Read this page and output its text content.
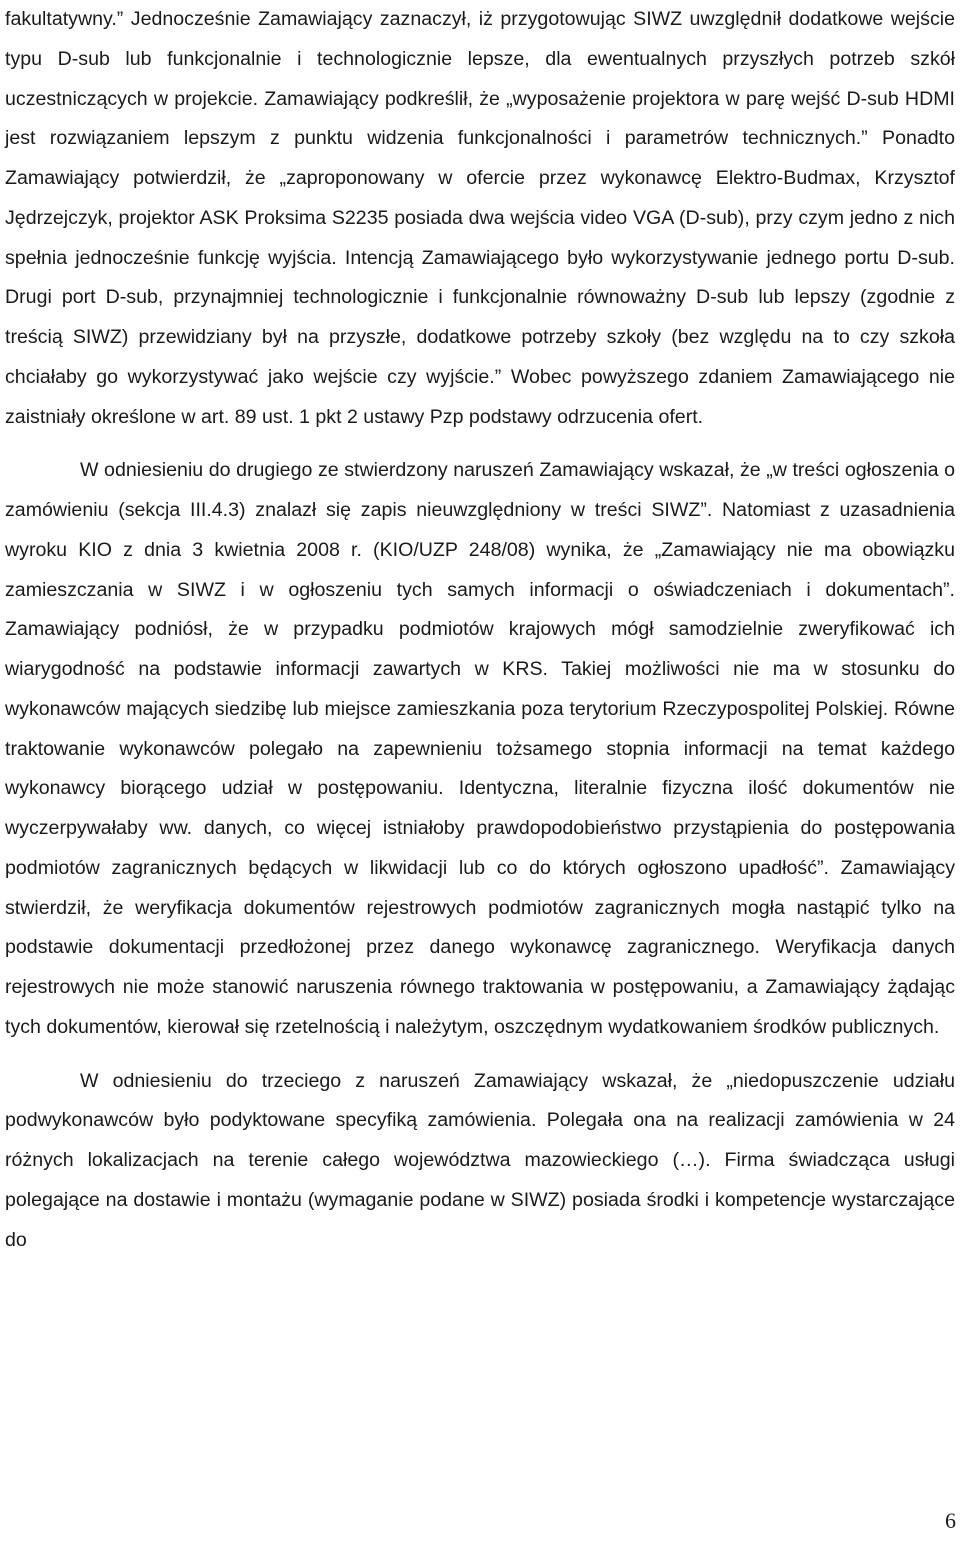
fakultatywny.” Jednocześnie Zamawiający zaznaczył, iż przygotowując SIWZ uwzględnił dodatkowe wejście typu D-sub lub funkcjonalnie i technologicznie lepsze, dla ewentualnych przyszłych potrzeb szkół uczestniczących w projekcie. Zamawiający podkreślił, że „wyposażenie projektora w parę wejść D-sub HDMI jest rozwiązaniem lepszym z punktu widzenia funkcjonalności i parametrów technicznych.” Ponadto Zamawiający potwierdził, że „zaproponowany w ofercie przez wykonawcę Elektro-Budmax, Krzysztof Jędrzejczyk, projektor ASK Proksima S2235 posiada dwa wejścia video VGA (D-sub), przy czym jedno z nich spełnia jednocześnie funkcję wyjścia. Intencją Zamawiającego było wykorzystywanie jednego portu D-sub. Drugi port D-sub, przynajmniej technologicznie i funkcjonalnie równoważny D-sub lub lepszy (zgodnie z treścią SIWZ) przewidziany był na przyszłe, dodatkowe potrzeby szkoły (bez względu na to czy szkoła chciałaby go wykorzystywać jako wejście czy wyjście.” Wobec powyższego zdaniem Zamawiającego nie zaistniały określone w art. 89 ust. 1 pkt 2 ustawy Pzp podstawy odrzucenia ofert.

W odniesieniu do drugiego ze stwierdzony naruszeń Zamawiający wskazał, że „w treści ogłoszenia o zamówieniu (sekcja III.4.3) znalazł się zapis nieuwzględniony w treści SIWZ”. Natomiast z uzasadnienia wyroku KIO z dnia 3 kwietnia 2008 r. (KIO/UZP 248/08) wynika, że „Zamawiający nie ma obowiązku zamieszczania w SIWZ i w ogłoszeniu tych samych informacji o oświadczeniach i dokumentach”. Zamawiający podniósł, że w przypadku podmiotów krajowych mógł samodzielnie zweryfikować ich wiarygodność na podstawie informacji zawartych w KRS. Takiej możliwości nie ma w stosunku do wykonawców mających siedzibę lub miejsce zamieszkania poza terytorium Rzeczypospolitej Polskiej. Równe traktowanie wykonawców polegało na zapewnieniu tożsamego stopnia informacji na temat każdego wykonawcy biorącego udział w postępowaniu. Identyczna, literalnie fizyczna ilość dokumentów nie wyczerpywałaby ww. danych, co więcej istniałoby prawdopodobieństwo przystąpienia do postępowania podmiotów zagranicznych będących w likwidacji lub co do których ogłoszono upadłość”. Zamawiający stwierdził, że weryfikacja dokumentów rejestrowych podmiotów zagranicznych mogła nastąpić tylko na podstawie dokumentacji przedłożonej przez danego wykonawcę zagranicznego. Weryfikacja danych rejestrowych nie może stanowić naruszenia równego traktowania w postępowaniu, a Zamawiający żądając tych dokumentów, kierował się rzetelnością i należytym, oszczędnym wydatkowaniem środków publicznych.

W odniesieniu do trzeciego z naruszeń Zamawiający wskazał, że „niedopuszczenie udziału podwykonawców było podyktowane specyfiką zamówienia. Polegała ona na realizacji zamówienia w 24 różnych lokalizacjach na terenie całego województwa mazowieckiego (…). Firma świadcząca usługi polegające na dostawie i montażu (wymaganie podane w SIWZ) posiada środki i kompetencje wystarczające do

6
